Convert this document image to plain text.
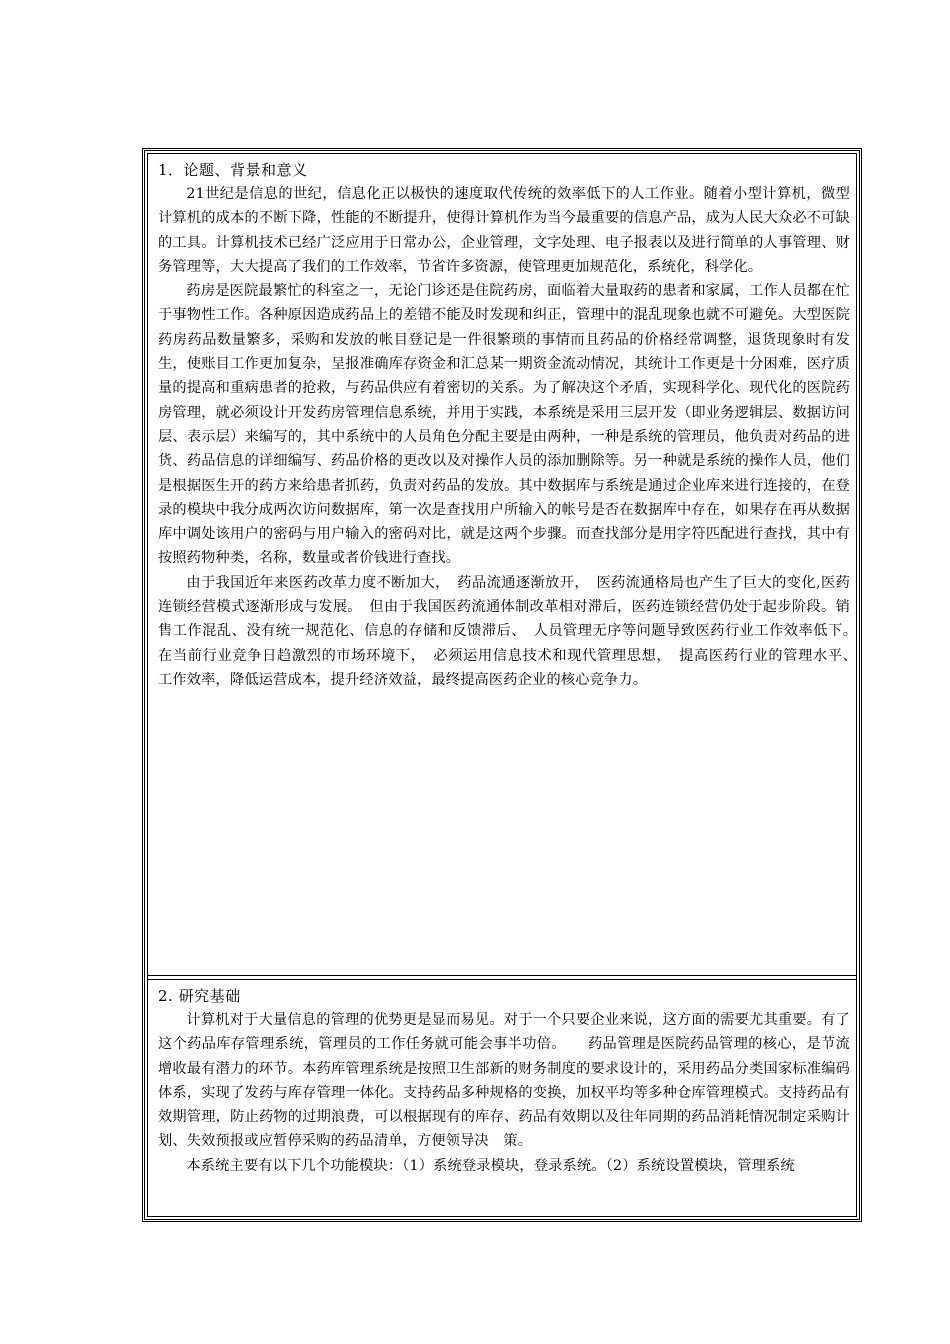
1．论题、背景和意义

21世纪是信息的世纪，信息化正以极快的速度取代传统的效率低下的人工作业。随着小型计算机，微型计算机的成本的不断下降，性能的不断提升，使得计算机作为当今最重要的信息产品，成为人民大众必不可缺的工具。计算机技术已经广泛应用于日常办公，企业管理，文字处理、电子报表以及进行简单的人事管理、财务管理等，大大提高了我们的工作效率，节省许多资源，使管理更加规范化，系统化，科学化。

药房是医院最繁忙的科室之一，无论门诊还是住院药房，面临着大量取药的患者和家属，工作人员都在忙于事物性工作。各种原因造成药品上的差错不能及时发现和纠正，管理中的混乱现象也就不可避免。大型医院药房药品数量繁多，采购和发放的帐目登记是一件很繁琐的事情而且药品的价格经常调整，退货现象时有发生，使账目工作更加复杂，呈报准确库存资金和汇总某一期资金流动情况，其统计工作更是十分困难，医疗质量的提高和重病患者的抢救，与药品供应有着密切的关系。为了解决这个矛盾，实现科学化、现代化的医院药房管理，就必须设计开发药房管理信息系统，并用于实践，本系统是采用三层开发（即业务逻辑层、数据访问层、表示层）来编写的，其中系统中的人员角色分配主要是由两种，一种是系统的管理员，他负责对药品的进货、药品信息的详细编写、药品价格的更改以及对操作人员的添加删除等。另一种就是系统的操作人员，他们是根据医生开的药方来给患者抓药，负责对药品的发放。其中数据库与系统是通过企业库来进行连接的，在登录的模块中我分成两次访问数据库，第一次是查找用户所输入的帐号是否在数据库中存在，如果存在再从数据库中调处该用户的密码与用户输入的密码对比，就是这两个步骤。而查找部分是用字符匹配进行查找，其中有按照药物种类，名称，数量或者价钱进行查找。

由于我国近年来医药改革力度不断加大，　药品流通逐渐放开，　医药流通格局也产生了巨大的变化,医药连锁经营模式逐渐形成与发展。　但由于我国医药流通体制改革相对滞后，医药连锁经营仍处于起步阶段。销售工作混乱、没有统一规范化、信息的存储和反馈滞后、　人员管理无序等问题导致医药行业工作效率低下。　在当前行业竞争日趋激烈的市场环境下，　必须运用信息技术和现代管理思想，　提高医药行业的管理水平、　工作效率，降低运营成本，提升经济效益，最终提高医药企业的核心竞争力。

2. 研究基础

计算机对于大量信息的管理的优势更是显而易见。对于一个只要企业来说，这方面的需要尤其重要。有了这个药品库存管理系统，管理员的工作任务就可能会事半功倍。　　药品管理是医院药品管理的核心，是节流增收最有潜力的环节。本药库管理系统是按照卫生部新的财务制度的要求设计的，采用药品分类国家标准编码体系，实现了发药与库存管理一体化。支持药品多种规格的变换，加权平均等多种仓库管理模式。支持药品有效期管理，防止药物的过期浪费，可以根据现有的库存、药品有效期以及往年同期的药品消耗情况制定采购计划、失效预报或应暂停采购的药品清单，方便领导决　策。

本系统主要有以下几个功能模块：（1）系统登录模块，登录系统。（2）系统设置模块，管理系统
